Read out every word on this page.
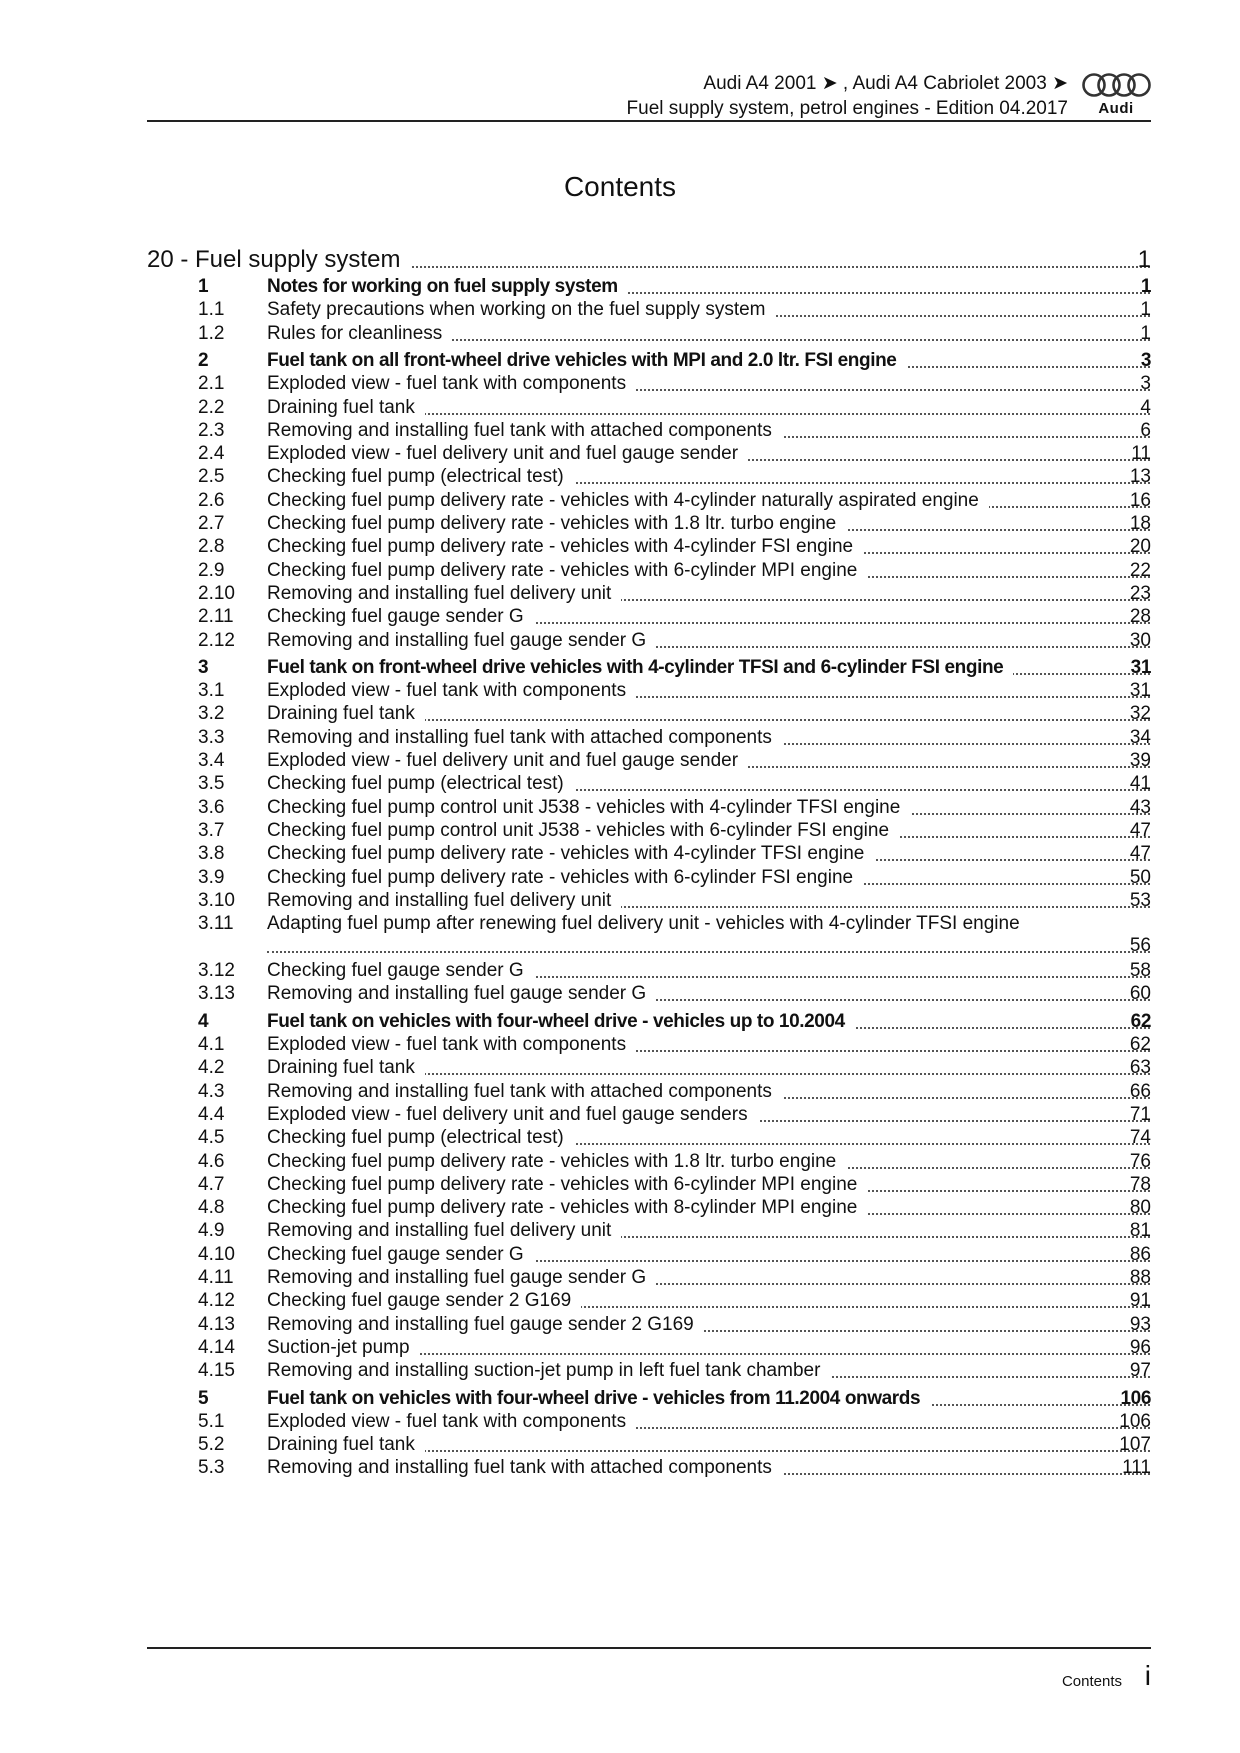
Audi A4 2001 ➤ , Audi A4 Cabriolet 2003 ➤
Fuel supply system, petrol engines - Edition 04.2017	Audi
Contents
20 - Fuel supply system	1
1	Notes for working on fuel supply system	1
1.1 Safety precautions when working on the fuel supply system	1
1.2 Rules for cleanliness	1
2	Fuel tank on all front-wheel drive vehicles with MPI and 2.0 ltr. FSI engine	3
2.1 Exploded view - fuel tank with components	3
2.2 Draining fuel tank	4
2.3 Removing and installing fuel tank with attached components	6
2.4 Exploded view - fuel delivery unit and fuel gauge sender	11
2.5 Checking fuel pump (electrical test)	13
2.6 Checking fuel pump delivery rate - vehicles with 4-cylinder naturally aspirated engine	16
2.7 Checking fuel pump delivery rate - vehicles with 1.8 ltr. turbo engine	18
2.8 Checking fuel pump delivery rate - vehicles with 4-cylinder FSI engine	20
2.9 Checking fuel pump delivery rate - vehicles with 6-cylinder MPI engine	22
2.10 Removing and installing fuel delivery unit	23
2.11 Checking fuel gauge sender G	28
2.12 Removing and installing fuel gauge sender G	30
3	Fuel tank on front-wheel drive vehicles with 4-cylinder TFSI and 6-cylinder FSI engine	31
3.1 Exploded view - fuel tank with components	31
3.2 Draining fuel tank	32
3.3 Removing and installing fuel tank with attached components	34
3.4 Exploded view - fuel delivery unit and fuel gauge sender	39
3.5 Checking fuel pump (electrical test)	41
3.6 Checking fuel pump control unit J538 - vehicles with 4-cylinder TFSI engine	43
3.7 Checking fuel pump control unit J538 - vehicles with 6-cylinder FSI engine	47
3.8 Checking fuel pump delivery rate - vehicles with 4-cylinder TFSI engine	47
3.9 Checking fuel pump delivery rate - vehicles with 6-cylinder FSI engine	50
3.10 Removing and installing fuel delivery unit	53
3.11 Adapting fuel pump after renewing fuel delivery unit - vehicles with 4-cylinder TFSI engine
56
3.12 Checking fuel gauge sender G	58
3.13 Removing and installing fuel gauge sender G	60
4	Fuel tank on vehicles with four-wheel drive - vehicles up to 10.2004	62
4.1 Exploded view - fuel tank with components	62
4.2 Draining fuel tank	63
4.3 Removing and installing fuel tank with attached components	66
4.4 Exploded view - fuel delivery unit and fuel gauge senders	71
4.5 Checking fuel pump (electrical test)	74
4.6 Checking fuel pump delivery rate - vehicles with 1.8 ltr. turbo engine	76
4.7 Checking fuel pump delivery rate - vehicles with 6-cylinder MPI engine	78
4.8 Checking fuel pump delivery rate - vehicles with 8-cylinder MPI engine	80
4.9 Removing and installing fuel delivery unit	81
4.10 Checking fuel gauge sender G	86
4.11 Removing and installing fuel gauge sender G	88
4.12 Checking fuel gauge sender 2 G169	91
4.13 Removing and installing fuel gauge sender 2 G169	93
4.14 Suction-jet pump	96
4.15 Removing and installing suction-jet pump in left fuel tank chamber	97
5	Fuel tank on vehicles with four-wheel drive - vehicles from 11.2004 onwards	106
5.1 Exploded view - fuel tank with components	106
5.2 Draining fuel tank	107
5.3 Removing and installing fuel tank with attached components	111
Contents i
